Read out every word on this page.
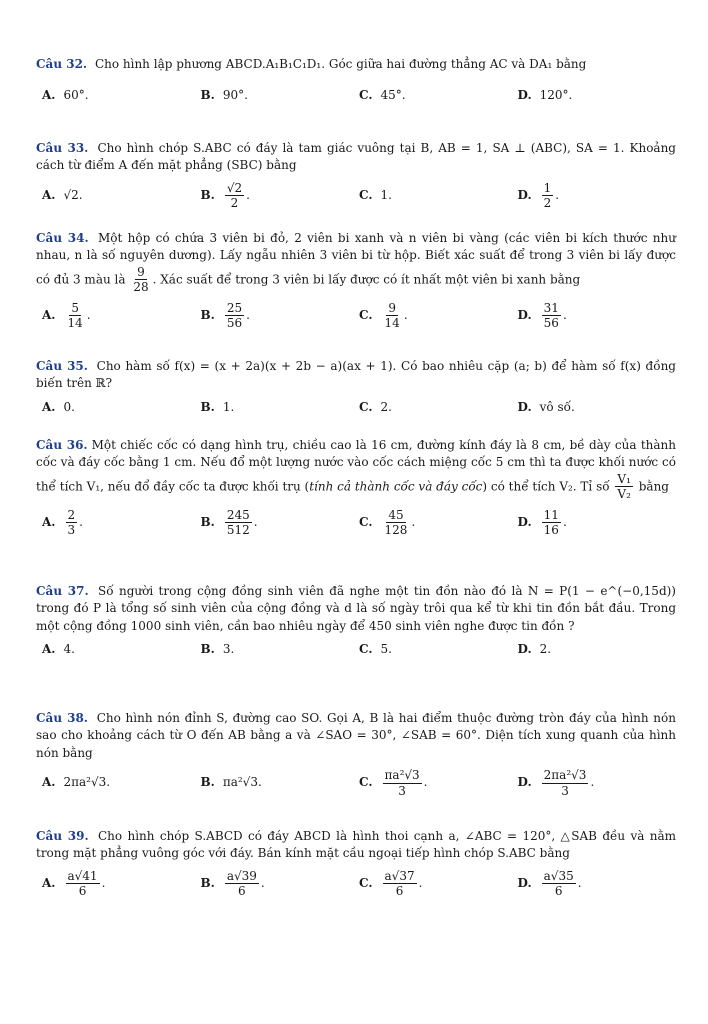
Câu 32. Cho hình lập phương ABCD.A₁B₁C₁D₁. Góc giữa hai đường thẳng AC và DA₁ bằng
A. 60°.	B. 90°.	C. 45°.	D. 120°.
Câu 33. Cho hình chóp S.ABC có đáy là tam giác vuông tại B, AB = 1, SA ⊥ (ABC), SA = 1. Khoảng cách từ điểm A đến mặt phẳng (SBC) bằng
A. √2.	B. $\frac{√2}{2}$ .	C. 1.	D. $\frac{1}{2}$ .
Câu 34. Một hộp có chứa 3 viên bi đỏ, 2 viên bi xanh và n viên bi vàng (các viên bi kích thước như nhau, n là số nguyên dương). Lấy ngẫu nhiên 3 viên bi từ hộp. Biết xác suất để trong 3 viên bi lấy được có đủ 3 màu là $\frac{9}{28}$ . Xác suất để trong 3 viên bi lấy được có ít nhất một viên bi xanh bằng
A. $\frac{5}{14}$ .	B. $\frac{25}{56}$ .	C. $\frac{9}{14}$ .	D. $\frac{31}{56}$ .
Câu 35. Cho hàm số f(x) = (x + 2a)(x + 2b − a)(ax + 1). Có bao nhiêu cặp (a; b) để hàm số f(x) đồng biến trên ℝ?
A. 0.	B. 1.	C. 2.	D. vô số.
Câu 36. Một chiếc cốc có dạng hình trụ, chiều cao là 16 cm, đường kính đáy là 8 cm, bề dày của thành cốc và đáy cốc bằng 1 cm. Nếu đổ một lượng nước vào cốc cách miệng cốc 5 cm thì ta được khối nước có thể tích V₁, nếu đổ đầy cốc ta được khối trụ (tính cả thành cốc và đáy cốc) có thể tích V₂. Tỉ số $\frac{\text{V₁}}{\text{V₂}}$ bằng
A. $\frac{2}{3}$ .	B. $\frac{245}{512}$ .	C. $\frac{45}{128}$ .	D. $\frac{11}{16}$ .
Câu 37. Số người trong cộng đồng sinh viên đã nghe một tin đồn nào đó là N = P(1 − e^(−0,15d)) trong đó P là tổng số sinh viên của cộng đồng và d là số ngày trôi qua kể từ khi tin đồn bắt đầu. Trong một cộng đồng 1000 sinh viên, cần bao nhiêu ngày để 450 sinh viên nghe được tin đồn ?
A. 4.	B. 3.	C. 5.	D. 2.
Câu 38. Cho hình nón đỉnh S, đường cao SO. Gọi A, B là hai điểm thuộc đường tròn đáy của hình nón sao cho khoảng cách từ O đến AB bằng a và ∠SAO = 30°, ∠SAB = 60°. Diện tích xung quanh của hình nón bằng
A. 2πa²√3.	B. πa²√3.	C. $\frac{\text{πa²√3}}{3}$ .	D. $\frac{\text{2πa²√3}}{3}$ .
Câu 39. Cho hình chóp S.ABCD có đáy ABCD là hình thoi cạnh a, ∠ABC = 120°, △SAB đều và nằm trong mặt phẳng vuông góc với đáy. Bán kính mặt cầu ngoại tiếp hình chóp S.ABC bằng
A. $\frac{a√41}{6}$ .	B. $\frac{a√39}{6}$ .	C. $\frac{a√37}{6}$ .	D. $\frac{a√35}{6}$ .
